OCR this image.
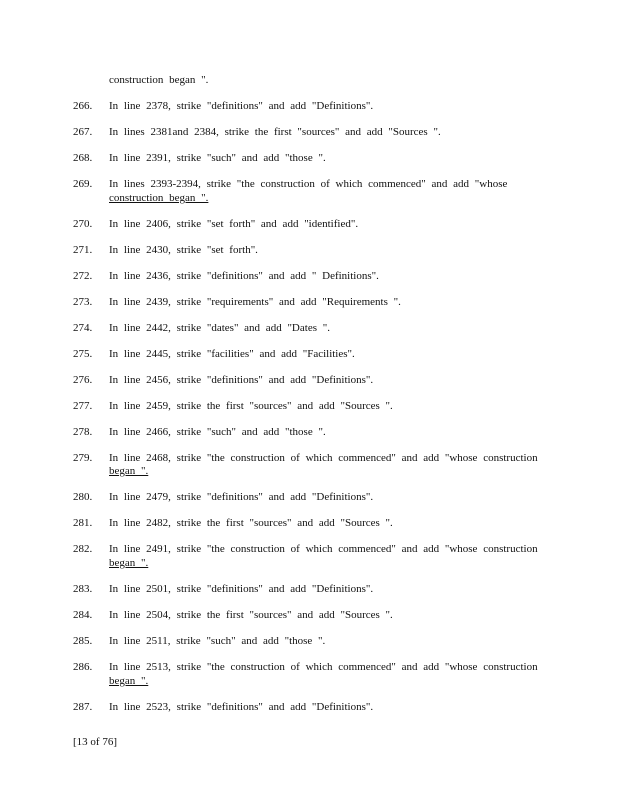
construction began ".
266. In line 2378, strike "definitions" and add "Definitions".
267. In lines 2381and 2384, strike the first "sources" and add "Sources ".
268. In line 2391, strike "such" and add "those ".
269. In lines 2393-2394, strike "the construction of which commenced" and add "whose
construction began ".
270. In line 2406, strike "set forth" and add "identified".
271. In line 2430, strike "set forth".
272. In line 2436, strike "definitions" and add " Definitions".
273. In line 2439, strike "requirements" and add "Requirements ".
274. In line 2442, strike "dates" and add "Dates ".
275. In line 2445, strike "facilities" and add "Facilities".
276. In line 2456, strike "definitions" and add "Definitions".
277. In line 2459, strike the first "sources" and add "Sources ".
278. In line 2466, strike "such" and add "those ".
279. In line 2468, strike "the construction of which commenced" and add "whose construction
began ".
280. In line 2479, strike "definitions" and add "Definitions".
281. In line 2482, strike the first "sources" and add "Sources ".
282. In line 2491, strike "the construction of which commenced" and add "whose construction
began ".
283. In line 2501, strike "definitions" and add "Definitions".
284. In line 2504, strike the first "sources" and add "Sources ".
285. In line 2511, strike "such" and add "those ".
286. In line 2513, strike "the construction of which commenced" and add "whose construction
began ".
287. In line 2523, strike "definitions" and add "Definitions".
[13 of 76]
